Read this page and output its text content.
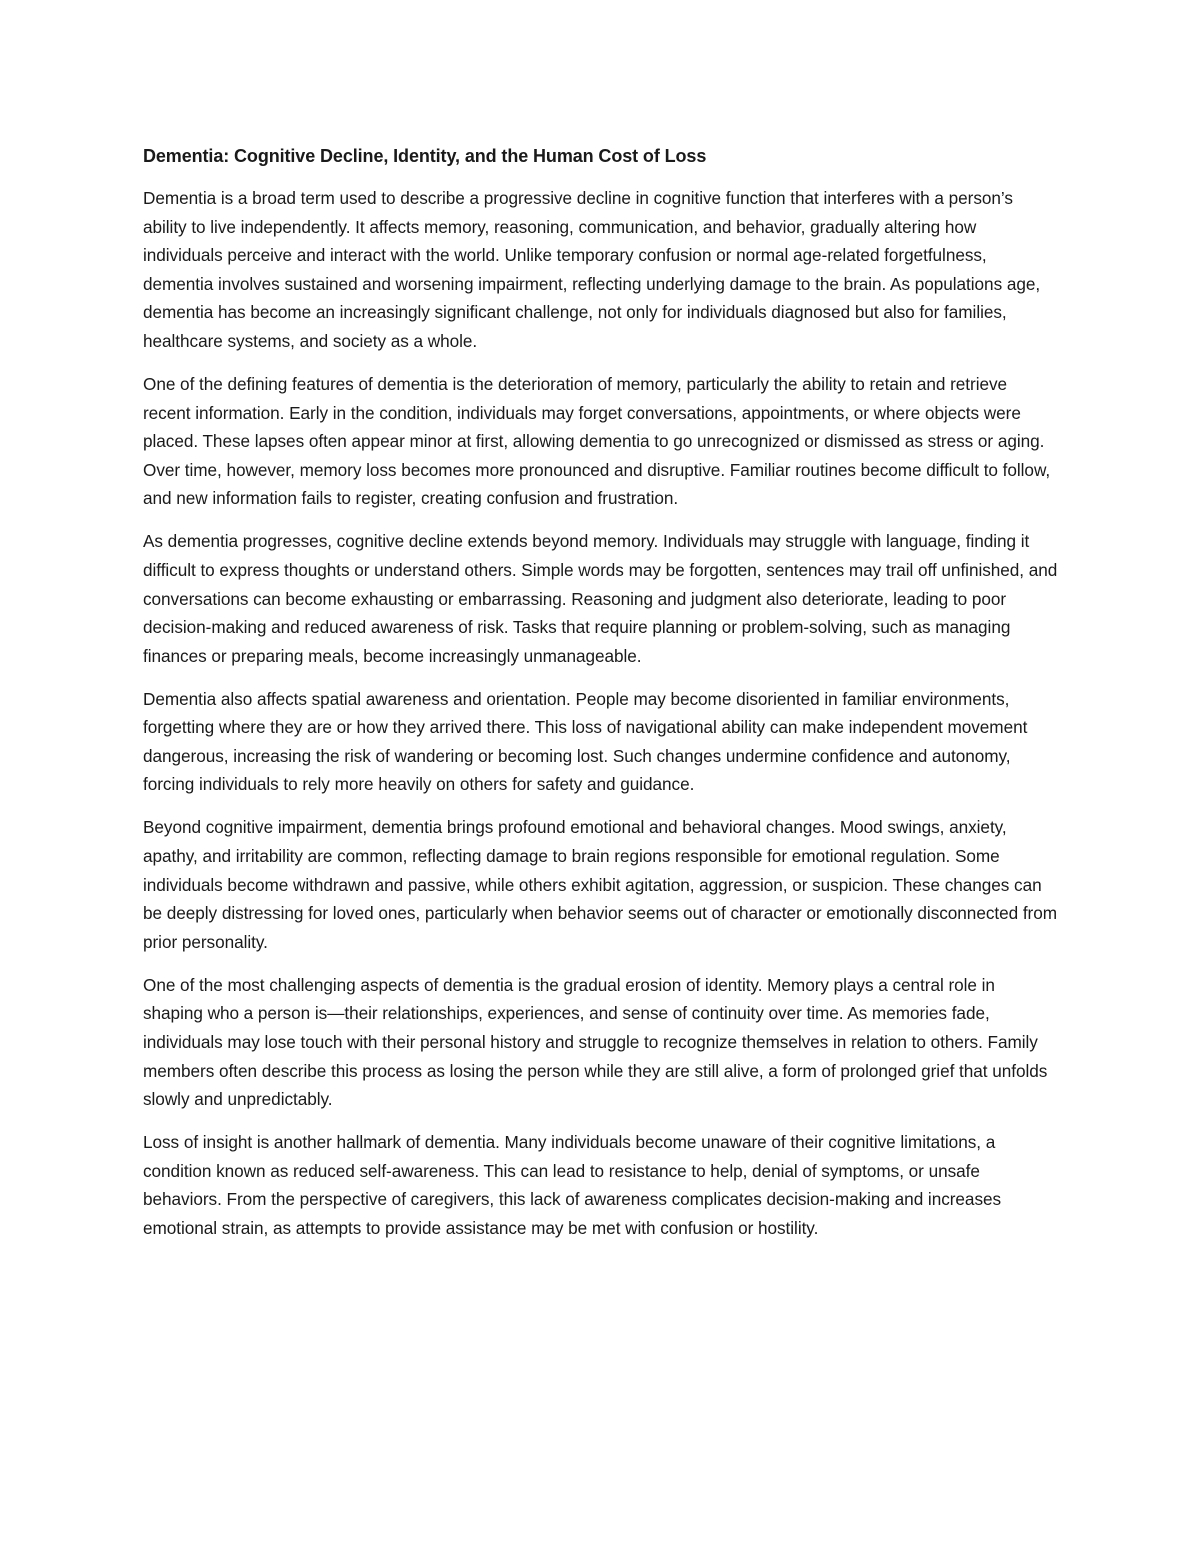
Dementia: Cognitive Decline, Identity, and the Human Cost of Loss

Dementia is a broad term used to describe a progressive decline in cognitive function that interferes with a person’s ability to live independently. It affects memory, reasoning, communication, and behavior, gradually altering how individuals perceive and interact with the world. Unlike temporary confusion or normal age-related forgetfulness, dementia involves sustained and worsening impairment, reflecting underlying damage to the brain. As populations age, dementia has become an increasingly significant challenge, not only for individuals diagnosed but also for families, healthcare systems, and society as a whole.

One of the defining features of dementia is the deterioration of memory, particularly the ability to retain and retrieve recent information. Early in the condition, individuals may forget conversations, appointments, or where objects were placed. These lapses often appear minor at first, allowing dementia to go unrecognized or dismissed as stress or aging. Over time, however, memory loss becomes more pronounced and disruptive. Familiar routines become difficult to follow, and new information fails to register, creating confusion and frustration.

As dementia progresses, cognitive decline extends beyond memory. Individuals may struggle with language, finding it difficult to express thoughts or understand others. Simple words may be forgotten, sentences may trail off unfinished, and conversations can become exhausting or embarrassing. Reasoning and judgment also deteriorate, leading to poor decision-making and reduced awareness of risk. Tasks that require planning or problem-solving, such as managing finances or preparing meals, become increasingly unmanageable.

Dementia also affects spatial awareness and orientation. People may become disoriented in familiar environments, forgetting where they are or how they arrived there. This loss of navigational ability can make independent movement dangerous, increasing the risk of wandering or becoming lost. Such changes undermine confidence and autonomy, forcing individuals to rely more heavily on others for safety and guidance.

Beyond cognitive impairment, dementia brings profound emotional and behavioral changes. Mood swings, anxiety, apathy, and irritability are common, reflecting damage to brain regions responsible for emotional regulation. Some individuals become withdrawn and passive, while others exhibit agitation, aggression, or suspicion. These changes can be deeply distressing for loved ones, particularly when behavior seems out of character or emotionally disconnected from prior personality.

One of the most challenging aspects of dementia is the gradual erosion of identity. Memory plays a central role in shaping who a person is—their relationships, experiences, and sense of continuity over time. As memories fade, individuals may lose touch with their personal history and struggle to recognize themselves in relation to others. Family members often describe this process as losing the person while they are still alive, a form of prolonged grief that unfolds slowly and unpredictably.

Loss of insight is another hallmark of dementia. Many individuals become unaware of their cognitive limitations, a condition known as reduced self-awareness. This can lead to resistance to help, denial of symptoms, or unsafe behaviors. From the perspective of caregivers, this lack of awareness complicates decision-making and increases emotional strain, as attempts to provide assistance may be met with confusion or hostility.
